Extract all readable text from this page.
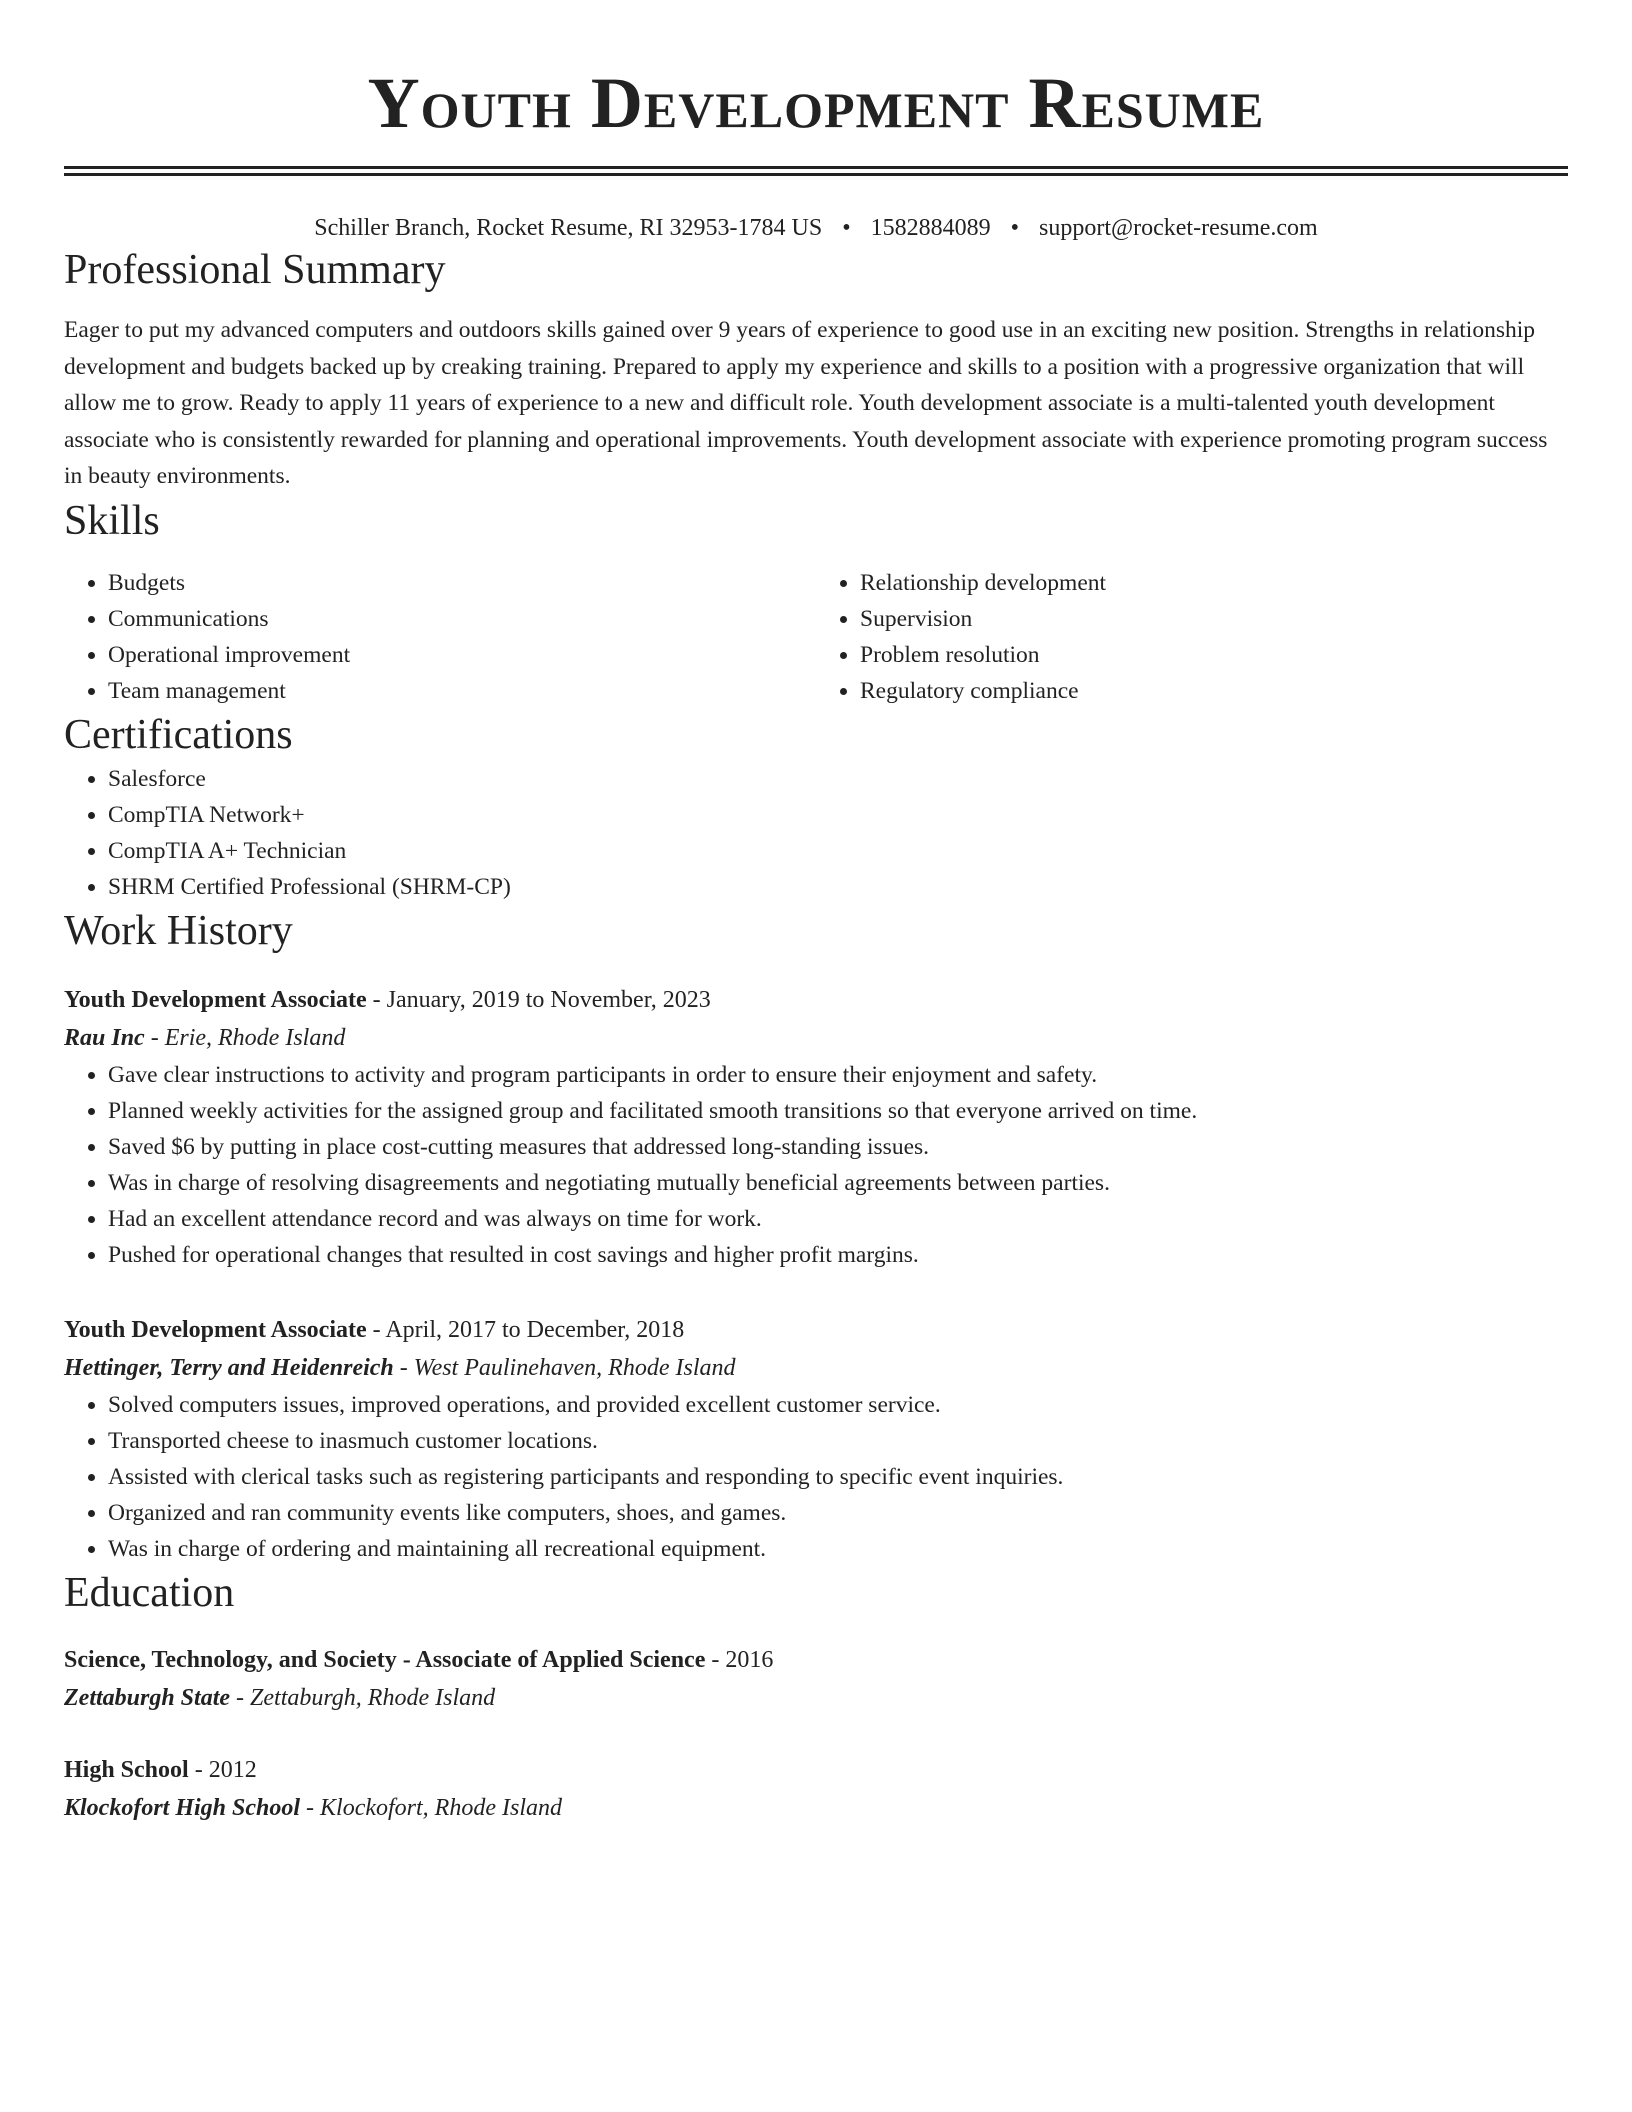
Youth Development Resume
Schiller Branch, Rocket Resume, RI 32953-1784 US • 1582884089 • support@rocket-resume.com
Professional Summary

Eager to put my advanced computers and outdoors skills gained over 9 years of experience to good use in an exciting new position. Strengths in relationship development and budgets backed up by creaking training. Prepared to apply my experience and skills to a position with a progressive organization that will allow me to grow. Ready to apply 11 years of experience to a new and difficult role. Youth development associate is a multi-talented youth development associate who is consistently rewarded for planning and operational improvements. Youth development associate with experience promoting program success in beauty environments.

Skills
• Budgets
• Communications
• Operational improvement
• Team management
• Relationship development
• Supervision
• Problem resolution
• Regulatory compliance
Certifications
• Salesforce
• CompTIA Network+
• CompTIA A+ Technician
• SHRM Certified Professional (SHRM-CP)
Work History
Youth Development Associate - January, 2019 to November, 2023
Rau Inc - Erie, Rhode Island
• Gave clear instructions to activity and program participants in order to ensure their enjoyment and safety.
• Planned weekly activities for the assigned group and facilitated smooth transitions so that everyone arrived on time.
• Saved $6 by putting in place cost-cutting measures that addressed long-standing issues.
• Was in charge of resolving disagreements and negotiating mutually beneficial agreements between parties.
• Had an excellent attendance record and was always on time for work.
• Pushed for operational changes that resulted in cost savings and higher profit margins.
Youth Development Associate - April, 2017 to December, 2018
Hettinger, Terry and Heidenreich - West Paulinehaven, Rhode Island
• Solved computers issues, improved operations, and provided excellent customer service.
• Transported cheese to inasmuch customer locations.
• Assisted with clerical tasks such as registering participants and responding to specific event inquiries.
• Organized and ran community events like computers, shoes, and games.
• Was in charge of ordering and maintaining all recreational equipment.
Education
Science, Technology, and Society - Associate of Applied Science - 2016
Zettaburgh State - Zettaburgh, Rhode Island
High School - 2012
Klockofort High School - Klockofort, Rhode Island
